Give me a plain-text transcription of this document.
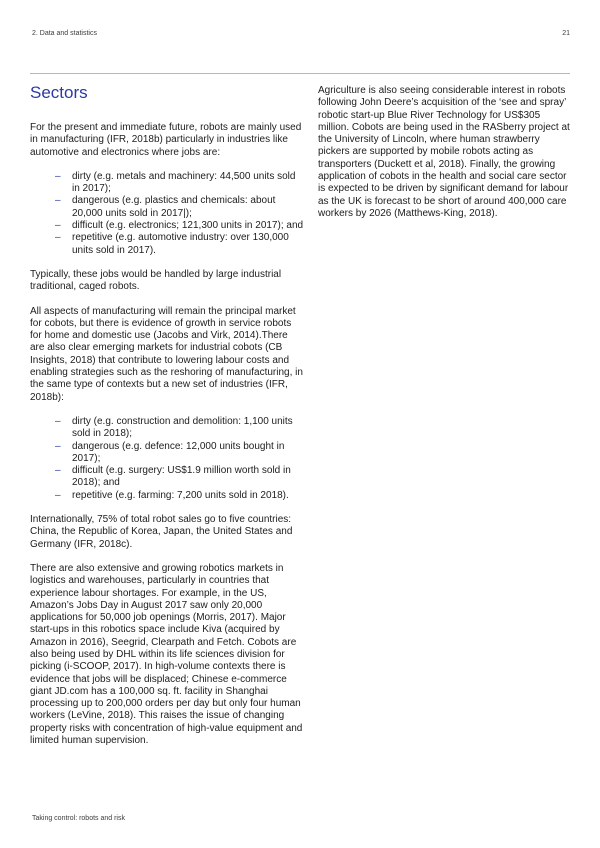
2. Data and statistics	21
Sectors

For the present and immediate future, robots are mainly used in manufacturing (IFR, 2018b) particularly in industries like automotive and electronics where jobs are:

– dirty (e.g. metals and machinery: 44,500 units sold in 2017);
– dangerous (e.g. plastics and chemicals: about 20,000 units sold in 2017|);
– difficult (e.g. electronics; 121,300 units in 2017); and
– repetitive (e.g. automotive industry: over 130,000 units sold in 2017).

Typically, these jobs would be handled by large industrial traditional, caged robots.

All aspects of manufacturing will remain the principal market for cobots, but there is evidence of growth in service robots for home and domestic use (Jacobs and Virk, 2014).There are also clear emerging markets for industrial cobots (CB Insights, 2018) that contribute to lowering labour costs and enabling strategies such as the reshoring of manufacturing, in the same type of contexts but a new set of industries (IFR, 2018b):

– dirty (e.g. construction and demolition: 1,100 units sold in 2018);
– dangerous (e.g. defence: 12,000 units bought in 2017);
– difficult (e.g. surgery: US$1.9 million worth sold in 2018); and
– repetitive (e.g. farming: 7,200 units sold in 2018).

Internationally, 75% of total robot sales go to five countries: China, the Republic of Korea, Japan, the United States and Germany (IFR, 2018c).

There are also extensive and growing robotics markets in logistics and warehouses, particularly in countries that experience labour shortages. For example, in the US, Amazon’s Jobs Day in August 2017 saw only 20,000 applications for 50,000 job openings (Morris, 2017). Major start-ups in this robotics space include Kiva (acquired by Amazon in 2016), Seegrid, Clearpath and Fetch. Cobots are also being used by DHL within its life sciences division for picking (i-SCOOP, 2017). In high-volume contexts there is evidence that jobs will be displaced; Chinese e-commerce giant JD.com has a 100,000 sq. ft. facility in Shanghai processing up to 200,000 orders per day but only four human workers (LeVine, 2018). This raises the issue of changing property risks with concentration of high-value equipment and limited human supervision.

Agriculture is also seeing considerable interest in robots following John Deere’s acquisition of the ‘see and spray’ robotic start-up Blue River Technology for US$305 million. Cobots are being used in the RASberry project at the University of Lincoln, where human strawberry pickers are supported by mobile robots acting as transporters (Duckett et al, 2018). Finally, the growing application of cobots in the health and social care sector is expected to be driven by significant demand for labour as the UK is forecast to be short of around 400,000 care workers by 2026 (Matthews-King, 2018).

Taking control: robots and risk
